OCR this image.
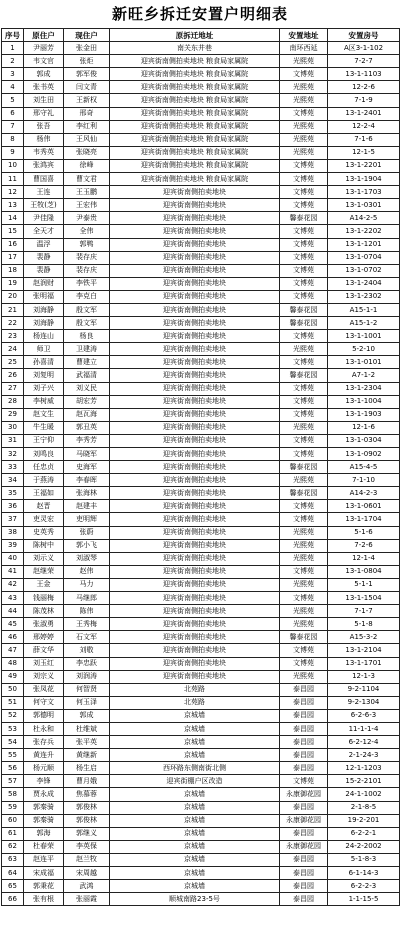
新旺乡拆迁安置户明细表
序号	原住户	现住户	原拆迁地址	安置地址	安置房号
1	尹丽芳	张金田	南关东井巷	南环西延	A区3-1-102
2	韦文官	张炬	迎宾街南侧拍卖地块 粮食局家属院	光熙苑	7-2-7
3	郭成	郭军俊	迎宾街南侧拍卖地块 粮食局家属院	文博苑	13-1-1103
4	张书英	闫文青	迎宾街南侧拍卖地块 粮食局家属院	光熙苑	12-2-6
5	刘生田	王新权	迎宾街南侧拍卖地块 粮食局家属院	光熙苑	7-1-9
6	邢守礼	邢奇	迎宾街南侧拍卖地块 粮食局家属院	文博苑	13-1-2401
7	张吾	李红利	迎宾街南侧拍卖地块 粮食局家属院	光熙苑	12-2-4
8	杨伟	王风仙	迎宾街南侧拍卖地块 粮食局家属院	光熙苑	7-1-6
9	韦秀英	张晓亮	迎宾街南侧拍卖地块 粮食局家属院	光熙苑	12-1-5
10	张鸿宾	徐峰	迎宾街南侧拍卖地块 粮食局家属院	文博苑	13-1-2201
11	曹国喜	曹文君	迎宾街南侧拍卖地块 粮食局家属院	文博苑	13-1-1904
12	王连	王玉鹏	迎宾街南侧拍卖地块	文博苑	13-1-1703
13	王牧(芝)	王宏伟	迎宾街南侧拍卖地块	文博苑	13-1-0301
14	尹佳隆	尹泰贵	迎宾街南侧拍卖地块	馨泰花园	A14-2-5
15	全天才	全伟	迎宾街南侧拍卖地块	文博苑	13-1-2202
16	温浮	郭鸭	迎宾街南侧拍卖地块	文博苑	13-1-1201
17	裴静	裴存庆	迎宾街南侧拍卖地块	文博苑	13-1-0704
18	裴静	裴存庆	迎宾街南侧拍卖地块	文博苑	13-1-0702
19	赵润财	李铁平	迎宾街南侧拍卖地块	文博苑	13-1-2404
20	张明福	李克白	迎宾街南侧拍卖地块	文博苑	13-1-2302
21	刘海静	殷文军	迎宾街南侧拍卖地块	馨泰花园	A15-1-1
22	刘海静	殷文军	迎宾街南侧拍卖地块	馨泰花园	A15-1-2
23	杨连山	杨良	迎宾街南侧拍卖地块	文博苑	13-1-1001
24	师卫	卫建涛	迎宾街南侧拍卖地块	光熙苑	5-2-10
25	孙喜清	曹建立	迎宾街南侧拍卖地块	文博苑	13-1-0101
26	刘复明	武福清	迎宾街南侧拍卖地块	馨泰花园	A7-1-2
27	刘子兴	刘义民	迎宾街南侧拍卖地块	文博苑	13-1-2304
28	李树威	胡宏芳	迎宾街南侧拍卖地块	文博苑	13-1-1004
29	赵文生	赵瓦海	迎宾街南侧拍卖地块	文博苑	13-1-1903
30	牛生暖	郭丑英	迎宾街南侧拍卖地块	光熙苑	12-1-6
31	王宁仰	李秀芳	迎宾街南侧拍卖地块	文博苑	13-1-0304
32	刘鸣良	马晓军	迎宾街南侧拍卖地块	文博苑	13-1-0902
33	任忠贞	史海军	迎宾街南侧拍卖地块	馨泰花园	A15-4-5
34	于燕涛	李春晖	迎宾街南侧拍卖地块	光熙苑	7-1-10
35	王福如	张海林	迎宾街南侧拍卖地块	馨泰花园	A14-2-3
36	赵晋	赵建丰	迎宾街南侧拍卖地块	文博苑	13-1-0601
37	吏灵宏	吏明辉	迎宾街南侧拍卖地块	文博苑	13-1-1704
38	史英秀	张蔚	迎宾街南侧拍卖地块	光熙苑	5-1-6
39	陈树中	郭小飞	迎宾街南侧拍卖地块	光熙苑	7-2-6
40	刘示义	刘淑琴	迎宾街南侧拍卖地块	光熙苑	12-1-4
41	赵继荣	赵伟	迎宾街南侧拍卖地块	文博苑	13-1-0804
42	王金	马力	迎宾街南侧拍卖地块	光熙苑	5-1-1
43	钱丽梅	马继郎	迎宾街南侧拍卖地块	文博苑	13-1-1504
44	陈茂林	陈伟	迎宾街南侧拍卖地块	光熙苑	7-1-7
45	张淑勇	王秀梅	迎宾街南侧拍卖地块	光熙苑	5-1-8
46	邢婷婷	石文军	迎宾街南侧拍卖地块	馨泰花园	A15-3-2
47	薛文华	刘敬	迎宾街南侧拍卖地块	文博苑	13-1-2104
48	刘玉红	李忠跃	迎宾街南侧拍卖地块	文博苑	13-1-1701
49	刘宗义	刘润涛	迎宾街南侧拍卖地块	光熙苑	12-1-3
50	张凤花	何智贤	北苑路	泰昌园	9-2-1104
51	何守文	何玉泽	北苑路	泰昌园	9-2-1304
52	郭德明	郭成	京城墙	泰昌园	6-2-6-3
53	杜永和	杜维斌	京城墙	泰昌园	11-1-1-4
54	张存兵	张平英	京城墙	泰昌园	6-2-12-4
55	黄连升	黄继新	京城墙	泰昌园	2-1-24-3
56	杨元顺	杨生启	西环路东侧南街北侧	泰昌园	12-1-1203
57	李锋	曹月娥	迎宾街棚户区改造	文博苑	15-2-2101
58	贾永成	焦慕蓉	京城墙	永康御花园	24-1-1002
59	郭秦骑	郭俊林	京城墙	泰昌园	2-1-8-5
60	郭秦骑	郭俊林	京城墙	永康御花园	19-2-201
61	郭海	郭继义	京城墙	泰昌园	6-2-2-1
62	杜春荣	李英保	京城墙	永康御花园	24-2-2002
63	赵连平	赵兰牧	京城墙	泰昌园	5-1-8-3
64	宋成福	宋周越	京城墙	泰昌园	6-1-14-3
65	郭秉花	武鸿	京城墙	泰昌园	6-2-2-3
66	张有根	张丽霞	顺城南路23-5号	泰昌园	1-1-15-5
